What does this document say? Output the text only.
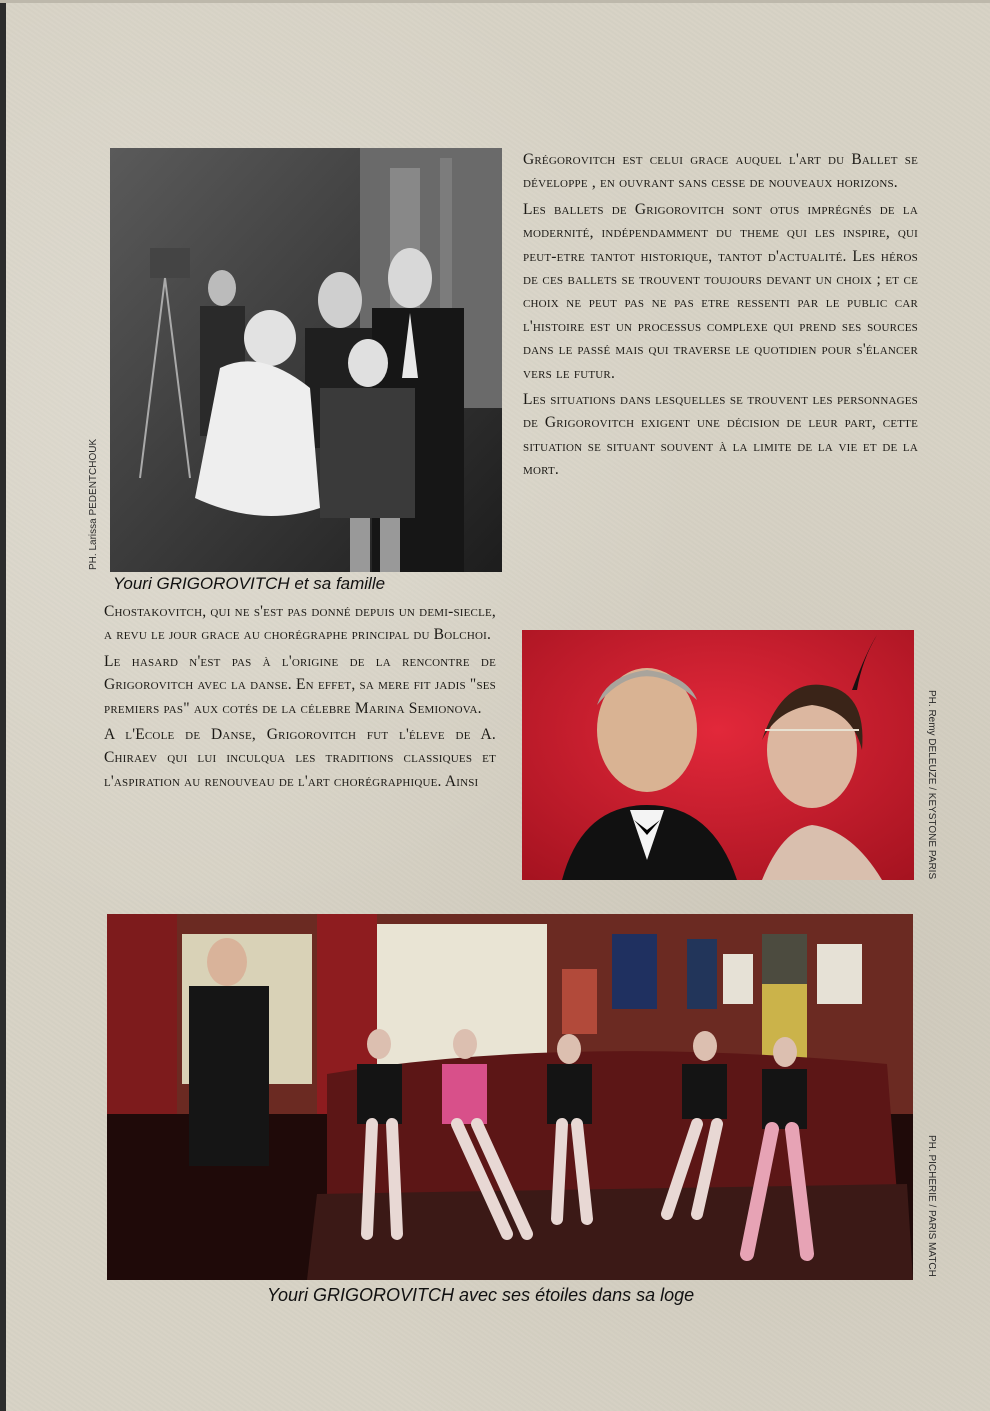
PH. Larissa PEDENTCHOUK
Youri GRIGOROVITCH et sa famille

Grégorovitch est celui grace auquel l'art du Ballet se développe , en ouvrant sans cesse de nouveaux horizons.

Les ballets de Grigorovitch sont otus imprégnés de la modernité, indépendamment du theme qui les inspire, qui peut-etre tantot historique, tantot d'actualité. Les héros de ces ballets se trouvent toujours devant un choix ; et ce choix ne peut pas ne pas etre ressenti par le public car l'histoire est un processus complexe qui prend ses sources dans le passé mais qui traverse le quotidien pour s'élancer vers le futur.

Les situations dans lesquelles se trouvent les personnages de Grigorovitch exigent une décision de leur part, cette situation se situant souvent à la limite de la vie et de la mort.

Chostakovitch, qui ne s'est pas donné depuis un demi-siecle, a revu le jour grace au chorégraphe principal du Bolchoi.

Le hasard n'est pas à l'origine de la rencontre de Grigorovitch avec la danse. En effet, sa mere fit jadis "ses premiers pas" aux cotés de la célebre Marina Semionova.

A l'Ecole de Danse, Grigorovitch fut l'éleve de A. Chiraev qui lui inculqua les traditions classiques et l'aspiration au renouveau de l'art chorégraphique. Ainsi	PH. Remy DELEUZE / KEYSTONE PARIS
PH. PICHERIE / PARIS MATCH
Youri GRIGOROVITCH avec ses étoiles dans sa loge
